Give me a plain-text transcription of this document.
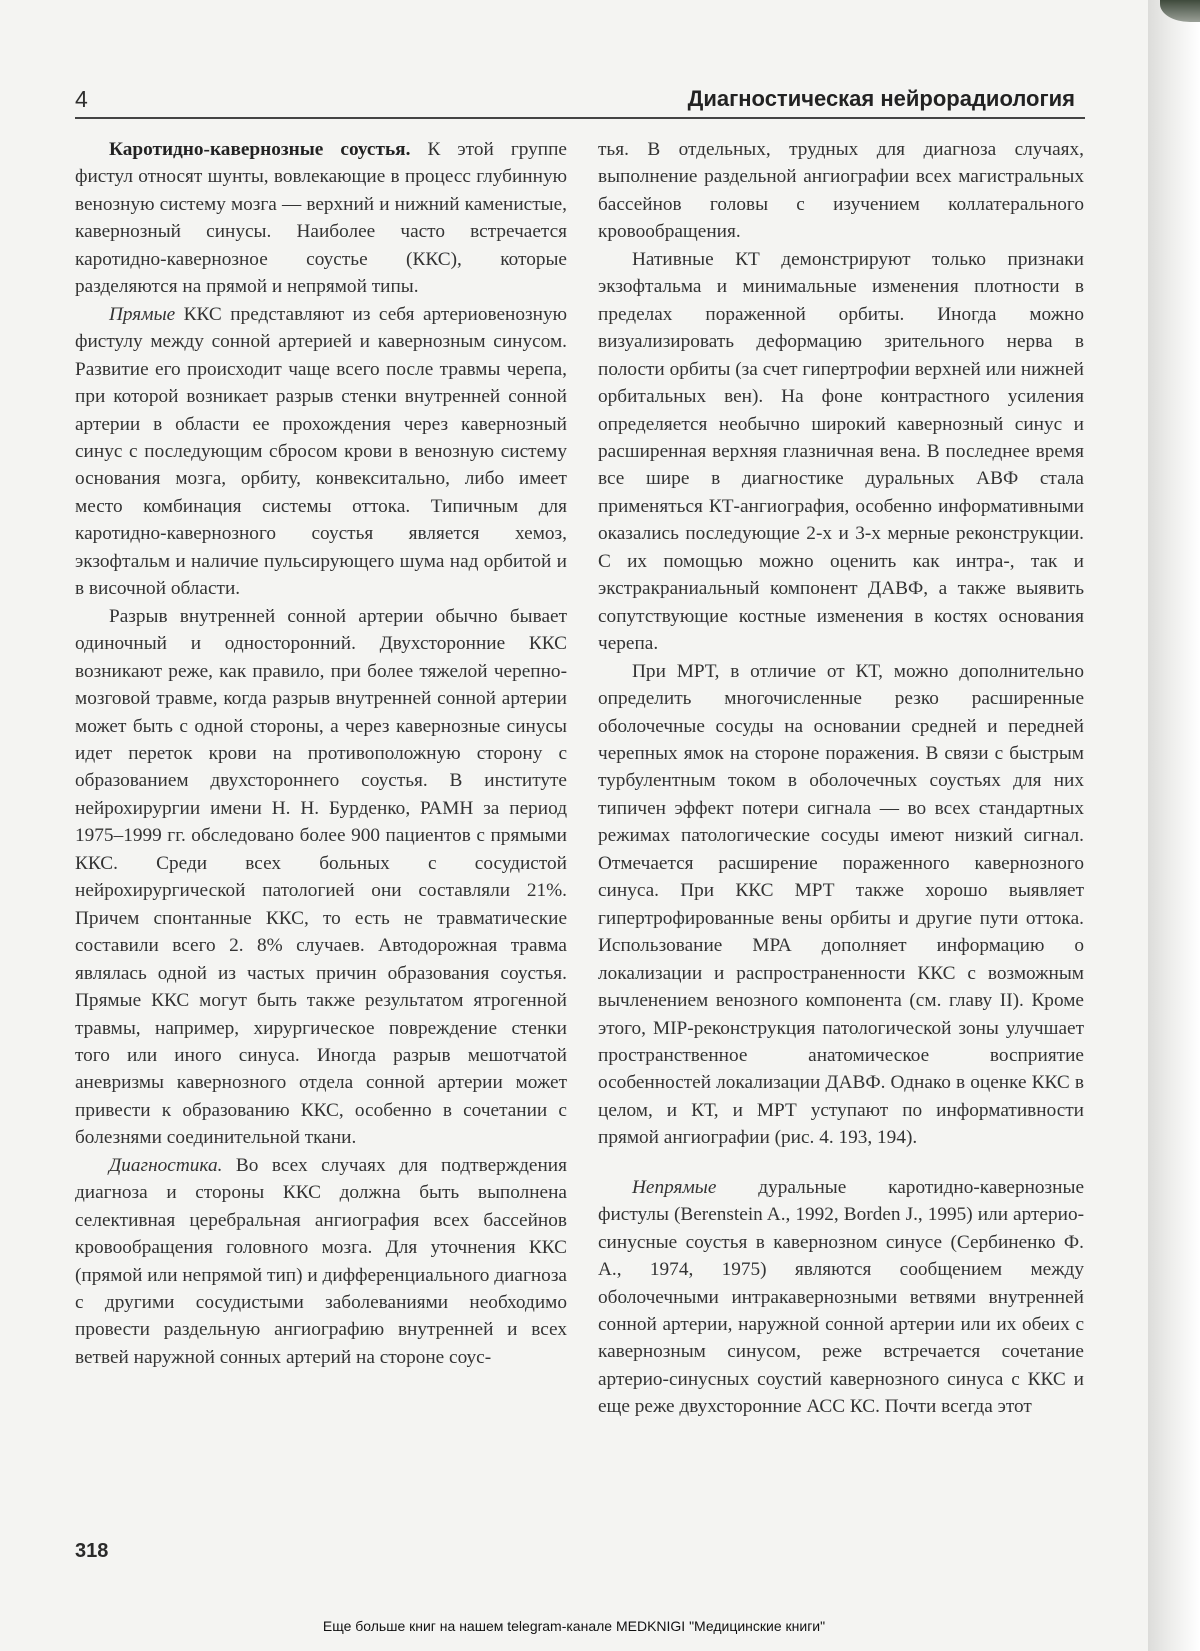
4	Диагностическая нейрорадиология

Каротидно-кавернозные соустья. К этой группе фистул относят шунты, вовлекающие в процесс глубинную венозную систему мозга — верхний и нижний каменистые, кавернозный синусы. Наиболее часто встречается каротидно-кавернозное соустье (ККС), которые разделяются на прямой и непрямой типы.

Прямые ККС представляют из себя артериовенозную фистулу между сонной артерией и кавернозным синусом. Развитие его происходит чаще всего после травмы черепа, при которой возникает разрыв стенки внутренней сонной артерии в области ее прохождения через кавернозный синус с последующим сбросом крови в венозную систему основания мозга, орбиту, конвекситально, либо имеет место комбинация системы оттока. Типичным для каротидно-кавернозного соустья является хемоз, экзофтальм и наличие пульсирующего шума над орбитой и в височной области.

Разрыв внутренней сонной артерии обычно бывает одиночный и односторонний. Двухсторонние ККС возникают реже, как правило, при более тяжелой черепно-мозговой травме, когда разрыв внутренней сонной артерии может быть с одной стороны, а через кавернозные синусы идет переток крови на противоположную сторону с образованием двухстороннего соустья. В институте нейрохирургии имени Н. Н. Бурденко, РАМН за период 1975–1999 гг. обследовано более 900 пациентов с прямыми ККС. Среди всех больных с сосудистой нейрохирургической патологией они составляли 21%. Причем спонтанные ККС, то есть не травматические составили всего 2. 8% случаев. Автодорожная травма являлась одной из частых причин образования соустья. Прямые ККС могут быть также результатом ятрогенной травмы, например, хирургическое повреждение стенки того или иного синуса. Иногда разрыв мешотчатой аневризмы кавернозного отдела сонной артерии может привести к образованию ККС, особенно в сочетании с болезнями соединительной ткани.

Диагностика. Во всех случаях для подтверждения диагноза и стороны ККС должна быть выполнена селективная церебральная ангиография всех бассейнов кровообращения головного мозга. Для уточнения ККС (прямой или непрямой тип) и дифференциального диагноза с другими сосудистыми заболеваниями необходимо провести раздельную ангиографию внутренней и всех ветвей наружной сонных артерий на стороне соус-

тья. В отдельных, трудных для диагноза случаях, выполнение раздельной ангиографии всех магистральных бассейнов головы с изучением коллатерального кровообращения.

Нативные КТ демонстрируют только признаки экзофтальма и минимальные изменения плотности в пределах пораженной орбиты. Иногда можно визуализировать деформацию зрительного нерва в полости орбиты (за счет гипертрофии верхней или нижней орбитальных вен). На фоне контрастного усиления определяется необычно широкий кавернозный синус и расширенная верхняя глазничная вена. В последнее время все шире в диагностике дуральных АВФ стала применяться КТ-ангиография, особенно информативными оказались последующие 2-х и 3-х мерные реконструкции. С их помощью можно оценить как интра-, так и экстракраниальный компонент ДАВФ, а также выявить сопутствующие костные изменения в костях основания черепа.

При МРТ, в отличие от КТ, можно дополнительно определить многочисленные резко расширенные оболочечные сосуды на основании средней и передней черепных ямок на стороне поражения. В связи с быстрым турбулентным током в оболочечных соустьях для них типичен эффект потери сигнала — во всех стандартных режимах патологические сосуды имеют низкий сигнал. Отмечается расширение пораженного кавернозного синуса. При ККС МРТ также хорошо выявляет гипертрофированные вены орбиты и другие пути оттока. Использование МРА дополняет информацию о локализации и распространенности ККС с возможным вычленением венозного компонента (см. главу II). Кроме этого, MIP-реконструкция патологической зоны улучшает пространственное анатомическое восприятие особенностей локализации ДАВФ. Однако в оценке ККС в целом, и КТ, и МРТ уступают по информативности прямой ангиографии (рис. 4. 193, 194).

Непрямые дуральные каротидно-кавернозные фистулы (Berenstein A., 1992, Borden J., 1995) или артерио-синусные соустья в кавернозном синусе (Сербиненко Ф. А., 1974, 1975) являются сообщением между оболочечными интракавернозными ветвями внутренней сонной артерии, наружной сонной артерии или их обеих с кавернозным синусом, реже встречается сочетание артерио-синусных соустий кавернозного синуса с ККС и еще реже двухсторонние АСС КС. Почти всегда этот

318
Еще больше книг на нашем telegram-канале MEDKNIGI "Медицинские книги"
